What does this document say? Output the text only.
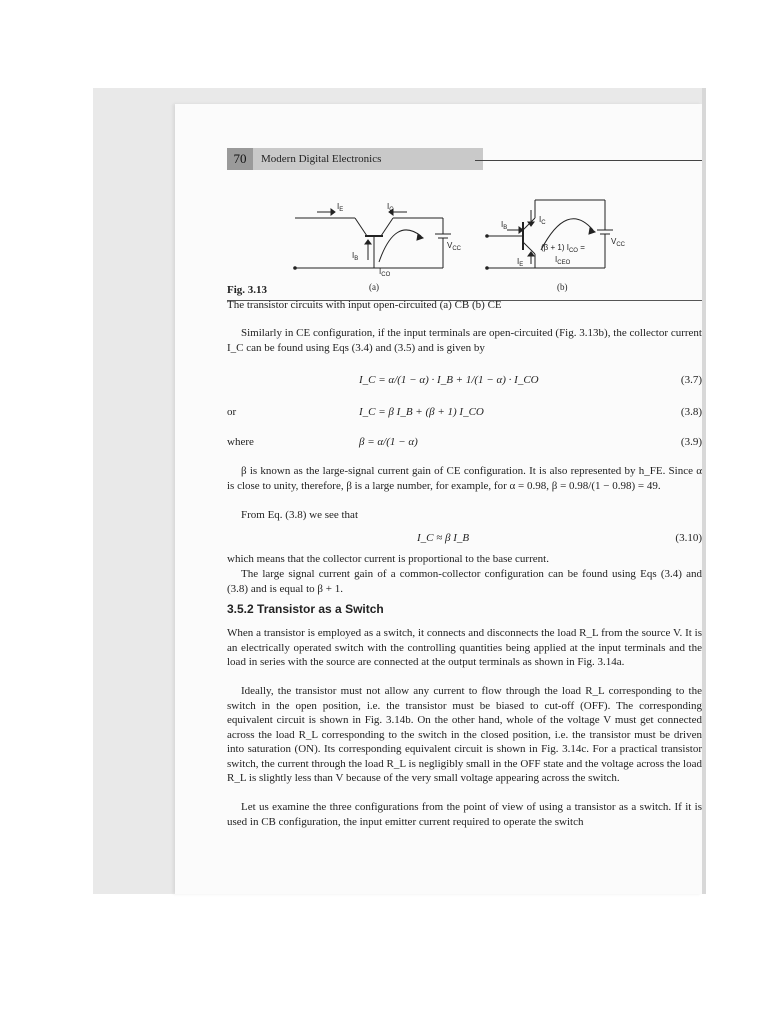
70	Modern Digital Electronics
$I_E$	$I_C$
$I_B$
$I_{CO}$
$V_{CC}$
(a)
$I_B$
$I_C$
$I_E$
(β + 1) $I_{CO}$ =
$I_{CEO}$
$V_{CC}$
(b)
Fig. 3.13
The transistor circuits with input open-circuited (a) CB (b) CE
Similarly in CE configuration, if the input terminals are open-circuited (Fig. 3.13b), the collector current I_C can be found using Eqs (3.4) and (3.5) and is given by
I_C = α/(1 − α) · I_B + 1/(1 − α) · I_CO	(3.7)
or	I_C = β I_B + (β + 1) I_CO	(3.8)
where	β = α/(1 − α)	(3.9)
β is known as the large-signal current gain of CE configuration. It is also represented by h_FE. Since α is close to unity, therefore, β is a large number, for example, for α = 0.98, β = 0.98/(1 − 0.98) = 49.
From Eq. (3.8) we see that
I_C ≈ β I_B	(3.10)
which means that the collector current is proportional to the base current.
The large signal current gain of a common-collector configuration can be found using Eqs (3.4) and (3.8) and is equal to β + 1.
3.5.2 Transistor as a Switch
When a transistor is employed as a switch, it connects and disconnects the load R_L from the source V. It is an electrically operated switch with the controlling quantities being applied at the input terminals and the load in series with the source are connected at the output terminals as shown in Fig. 3.14a.
Ideally, the transistor must not allow any current to flow through the load R_L corresponding to the switch in the open position, i.e. the transistor must be biased to cut-off (OFF). The corresponding equivalent circuit is shown in Fig. 3.14b. On the other hand, whole of the voltage V must get connected across the load R_L corresponding to the switch in the closed position, i.e. the transistor must be driven into saturation (ON). Its corresponding equivalent circuit is shown in Fig. 3.14c. For a practical transistor switch, the current through the load R_L is negligibly small in the OFF state and the voltage across the load R_L is slightly less than V because of the very small voltage appearing across the switch.
Let us examine the three configurations from the point of view of using a transistor as a switch. If it is used in CB configuration, the input emitter current required to operate the switch
